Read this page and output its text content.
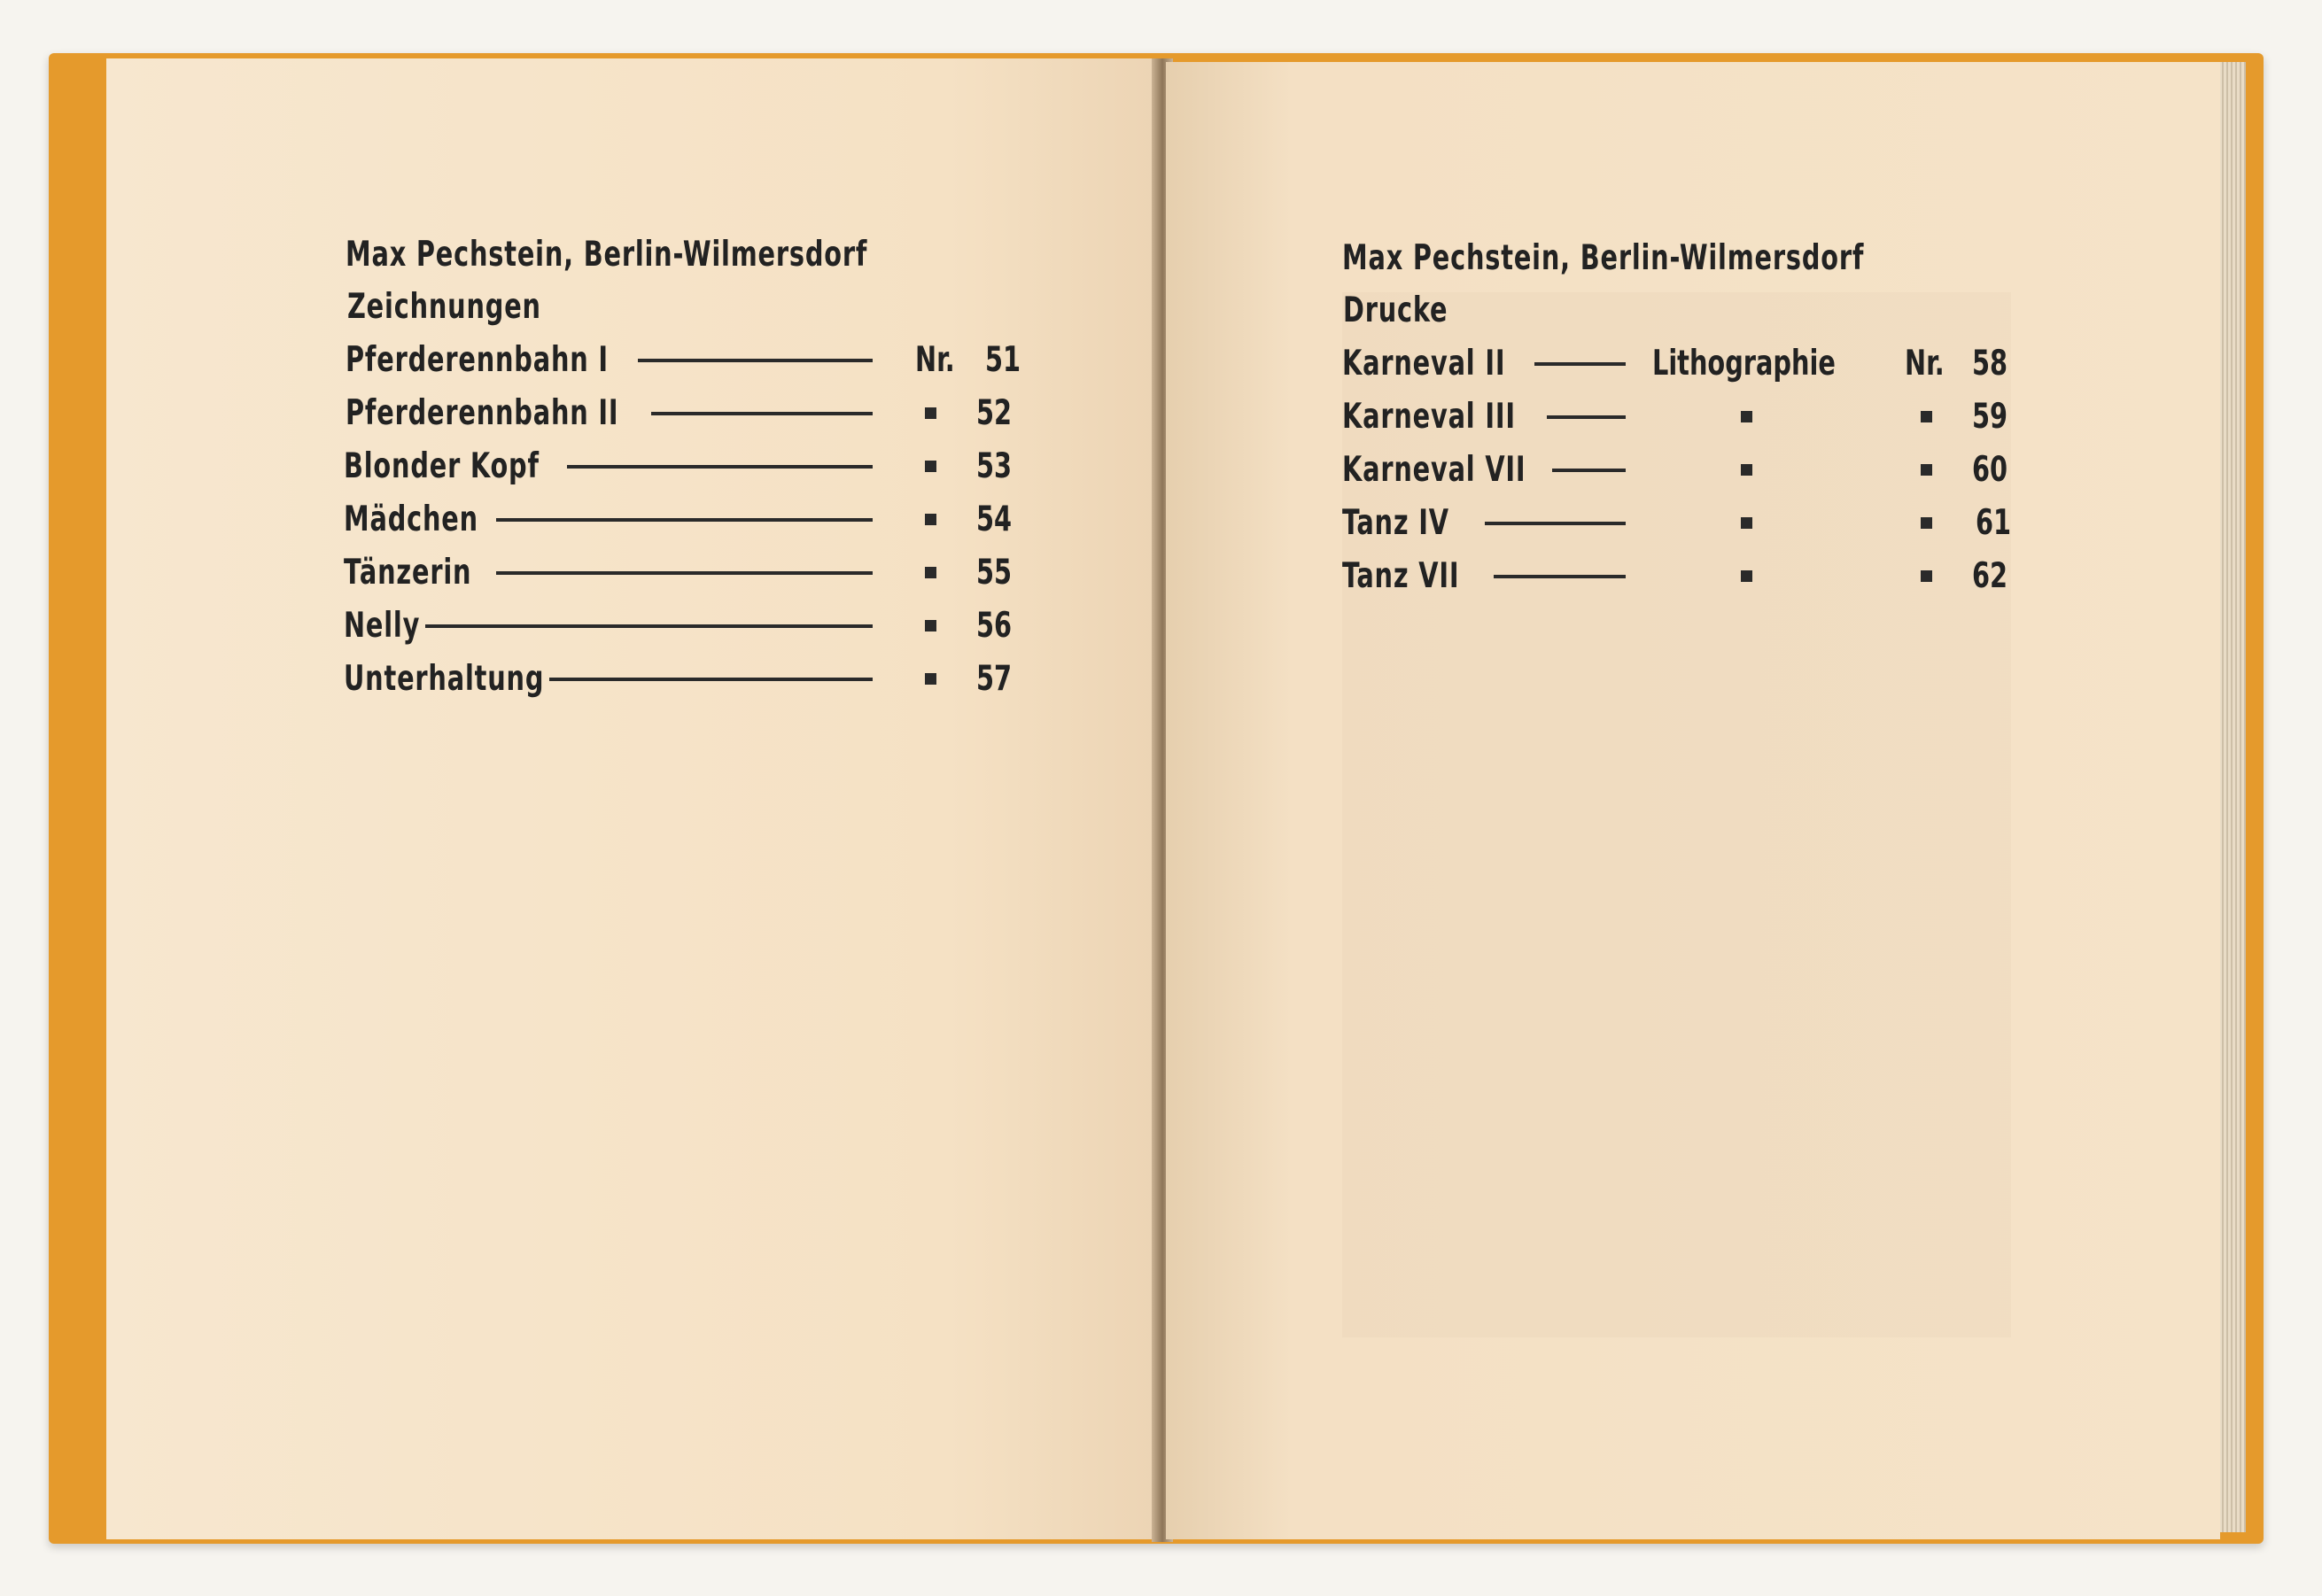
Max Pechstein, Berlin-Wilmersdorf
Zeichnungen
Pferderennbahn I	Nr. 51
Pferderennbahn II	52
Blonder Kopf	53
Mädchen	54
Tänzerin	55
Nelly	56
Unterhaltung	57
Max Pechstein, Berlin-Wilmersdorf
Drucke
Karneval II	Lithographie Nr. 58
Karneval III	59
Karneval VII	60
Tanz IV	61
Tanz VII	62
